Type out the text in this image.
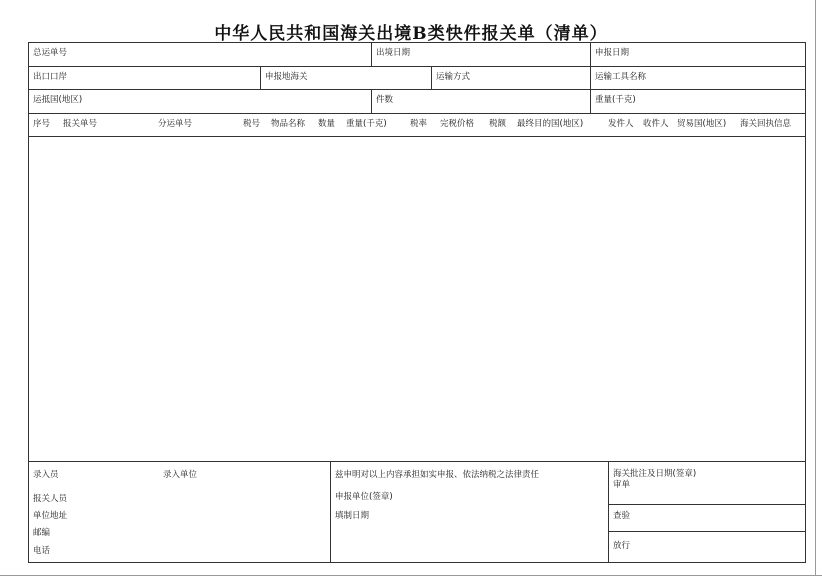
中华人民共和国海关出境B类快件报关单（清单）
总运单号	出境日期	申报日期
出口口岸	申报地海关	运输方式	运输工具名称
运抵国(地区)	件数	重量(千克)
序号 报关单号	分运单号	税号 物品名称 数量 重量(千克)	税率 完税价格 税额 最终目的国(地区)	发件人 收件人 贸易国(地区) 海关回执信息
录入员	录入单位
报关人员
单位地址
邮编
电话
兹申明对以上内容承担如实申报、依法纳税之法律责任
申报单位(签章)
填制日期
海关批注及日期(签章)
审单
查验
放行
